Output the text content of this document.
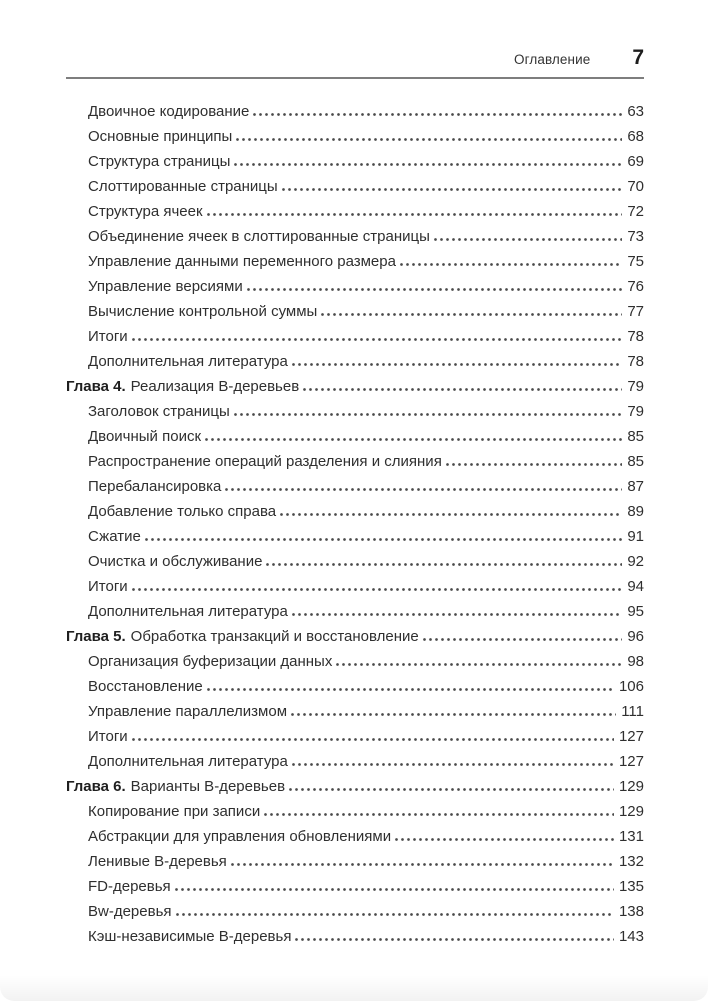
Оглавление 7
Двоичное кодирование	63
Основные принципы	68
Структура страницы	69
Слоттированные страницы	70
Структура ячеек	72
Объединение ячеек в слоттированные страницы	73
Управление данными переменного размера	75
Управление версиями	76
Вычисление контрольной суммы	77
Итоги	78
Дополнительная литература	78
Глава 4. Реализация B-деревьев	79
Заголовок страницы	79
Двоичный поиск	85
Распространение операций разделения и слияния	85
Перебалансировка	87
Добавление только справа	89
Сжатие	91
Очистка и обслуживание	92
Итоги	94
Дополнительная литература	95
Глава 5. Обработка транзакций и восстановление	96
Организация буферизации данных	98
Восстановление	106
Управление параллелизмом	111
Итоги	127
Дополнительная литература	127
Глава 6. Варианты B-деревьев	129
Копирование при записи	129
Абстракции для управления обновлениями	131
Ленивые B-деревья	132
FD-деревья	135
Bw-деревья	138
Кэш-независимые B-деревья	143
